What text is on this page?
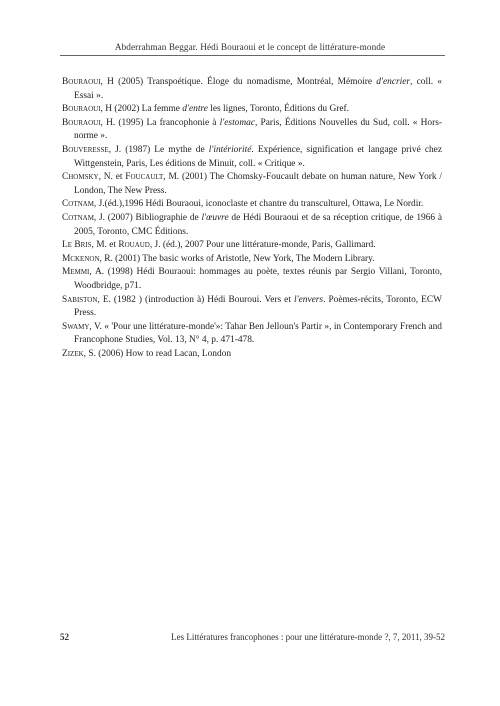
Abderrahman Beggar. Hédi Bouraoui et le concept de littérature-monde
Bouraoui, H (2005) Transpoétique. Éloge du nomadisme, Montréal, Mémoire d'encrier, coll. « Essai ».
Bouraoui, H (2002) La femme d'entre les lignes, Toronto, Éditions du Gref.
Bouraoui, H. (1995) La francophonie à l'estomac, Paris, Éditions Nouvelles du Sud, coll. « Hors-norme ».
Bouveresse, J. (1987) Le mythe de l'intériorité. Expérience, signification et langage privé chez Wittgenstein, Paris, Les éditions de Minuit, coll. « Critique ».
Chomsky, N. et Foucault, M. (2001) The Chomsky-Foucault debate on human nature, New York / London, The New Press.
Cotnam, J.(éd.),1996 Hédi Bouraoui, iconoclaste et chantre du transculturel, Ottawa, Le Nordir.
Cotnam, J. (2007) Bibliographie de l'œuvre de Hédi Bouraoui et de sa réception critique, de 1966 à 2005, Toronto, CMC Éditions.
Le Bris, M. et Rouaud, J. (éd.), 2007 Pour une littérature-monde, Paris, Gallimard.
Mckenon, R. (2001) The basic works of Aristotle, New York, The Modern Library.
Memmi, A. (1998) Hédi Bouraoui: hommages au poète, textes réunis par Sergio Villani, Toronto, Woodbridge, p71.
Sabiston, E. (1982 ) (introduction à) Hédi Bouroui. Vers et l'envers. Poèmes-récits, Toronto, ECW Press.
Swamy, V. « 'Pour une littérature-monde'»: Tahar Ben Jelloun's Partir », in Contemporary French and Francophone Studies, Vol. 13, N° 4, p. 471-478.
Zizek, S. (2006) How to read Lacan, London
52	Les Littératures francophones : pour une littérature-monde ?, 7, 2011, 39-52
